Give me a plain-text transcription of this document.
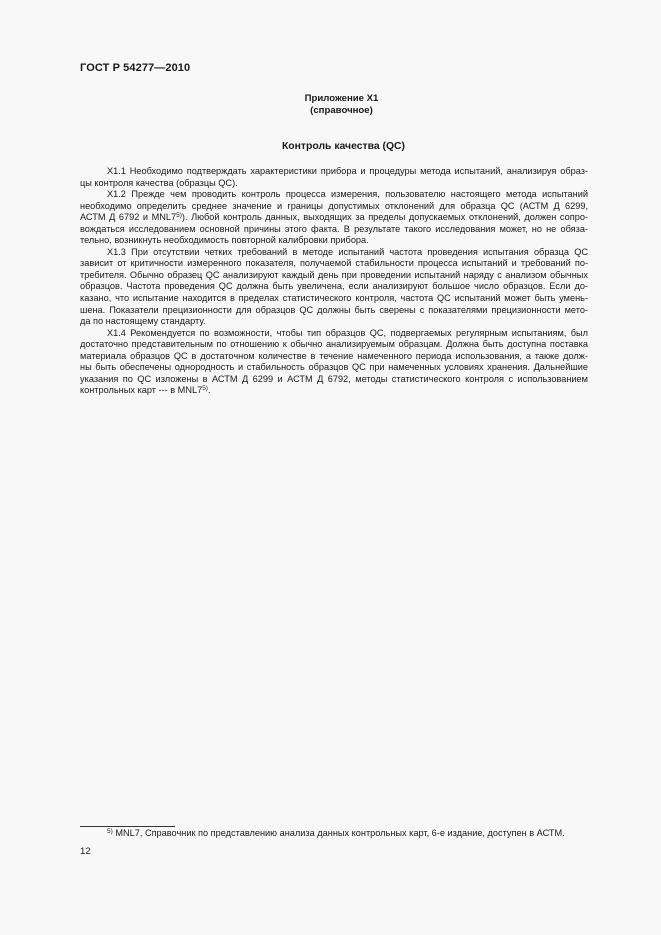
ГОСТ Р 54277—2010
Приложение X1
(справочное)
Контроль качества (QC)
X1.1 Необходимо подтверждать характеристики прибора и процедуры метода испытаний, анализируя образ-
цы контроля качества (образцы QC).
X1.2 Прежде чем проводить контроль процесса измерения, пользователю настоящего метода испытаний
необходимо определить среднее значение и границы допустимых отклонений для образца QC (АСТМ Д 6299,
АСТМ Д 6792 и MNL7$^{5)}$). Любой контроль данных, выходящих за пределы допускаемых отклонений, должен сопро-
вождаться исследованием основной причины этого факта. В результате такого исследования может, но не обяза-
тельно, возникнуть необходимость повторной калибровки прибора.
X1.3 При отсутствии четких требований в методе испытаний частота проведения испытания образца QC
зависит от критичности измеренного показателя, получаемой стабильности процесса испытаний и требований по-
требителя. Обычно образец QC анализируют каждый день при проведении испытаний наряду с анализом обычных
образцов. Частота проведения QC должна быть увеличена, если анализируют большое число образцов. Если до-
казано, что испытание находится в пределах статистического контроля, частота QC испытаний может быть умень-
шена. Показатели прецизионности для образцов QC должны быть сверены с показателями прецизионности мето-
да по настоящему стандарту.
X1.4 Рекомендуется по возможности, чтобы тип образцов QC, подвергаемых регулярным испытаниям, был
достаточно представительным по отношению к обычно анализируемым образцам. Должна быть доступна поставка
материала образцов QC в достаточном количестве в течение намеченного периода использования, а также долж-
ны быть обеспечены однородность и стабильность образцов QC при намеченных условиях хранения. Дальнейшие
указания по QC изложены в АСТМ Д 6299 и АСТМ Д 6792, методы статистического контроля с использованием
контрольных карт --- в MNL7$^{5)}$.
$^{5)}$ MNL7, Справочник по представлению анализа данных контрольных карт, 6-е издание, доступен в АСТМ.
12
